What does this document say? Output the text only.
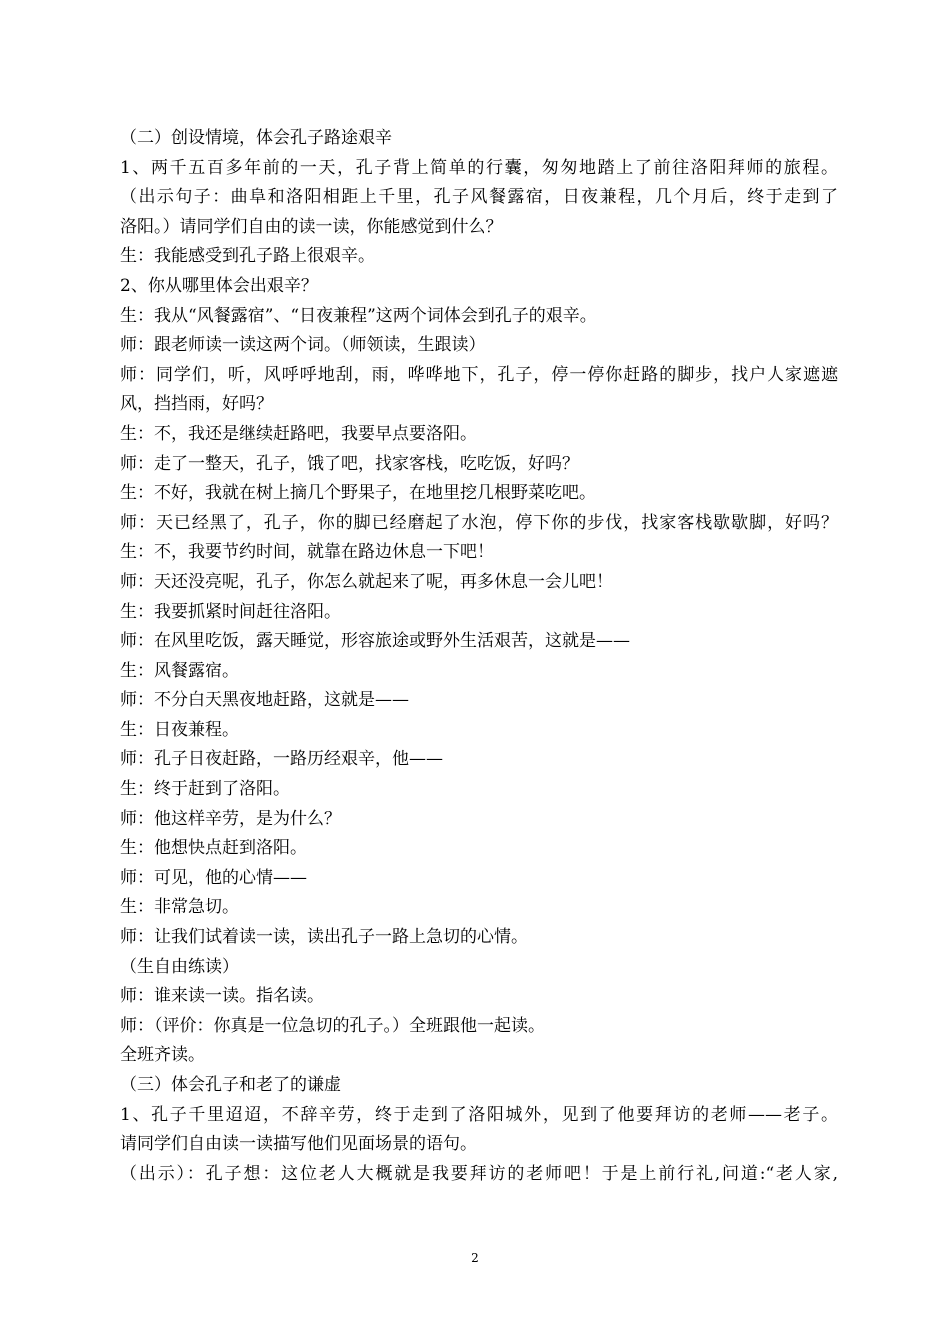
（二）创设情境，体会孔子路途艰辛
1、两千五百多年前的一天，孔子背上简单的行囊，匆匆地踏上了前往洛阳拜师的旅程。
（出示句子：曲阜和洛阳相距上千里，孔子风餐露宿，日夜兼程，几个月后，终于走到了
洛阳。）请同学们自由的读一读，你能感觉到什么？
生：我能感受到孔子路上很艰辛。
2、你从哪里体会出艰辛？
生：我从“风餐露宿”、“日夜兼程”这两个词体会到孔子的艰辛。
师：跟老师读一读这两个词。（师领读，生跟读）
师：同学们，听，风呼呼地刮，雨，哗哗地下，孔子，停一停你赶路的脚步，找户人家遮遮
风，挡挡雨，好吗？
生：不，我还是继续赶路吧，我要早点要洛阳。
师：走了一整天，孔子，饿了吧，找家客栈，吃吃饭，好吗？
生：不好，我就在树上摘几个野果子，在地里挖几根野菜吃吧。
师：天已经黑了，孔子，你的脚已经磨起了水泡，停下你的步伐，找家客栈歇歇脚，好吗？
生：不，我要节约时间，就靠在路边休息一下吧！
师：天还没亮呢，孔子，你怎么就起来了呢，再多休息一会儿吧！
生：我要抓紧时间赶往洛阳。
师：在风里吃饭，露天睡觉，形容旅途或野外生活艰苦，这就是——
生：风餐露宿。
师：不分白天黑夜地赶路，这就是——
生：日夜兼程。
师：孔子日夜赶路，一路历经艰辛，他——
生：终于赶到了洛阳。
师：他这样辛劳，是为什么？
生：他想快点赶到洛阳。
师：可见，他的心情——
生：非常急切。
师：让我们试着读一读，读出孔子一路上急切的心情。
（生自由练读）
师：谁来读一读。指名读。
师：（评价：你真是一位急切的孔子。）全班跟他一起读。
全班齐读。
（三）体会孔子和老了的谦虚
1、孔子千里迢迢，不辞辛劳，终于走到了洛阳城外，见到了他要拜访的老师——老子。
请同学们自由读一读描写他们见面场景的语句。
（出示）：孔子想：这位老人大概就是我要拜访的老师吧！于是上前行礼,问道:“老人家,
2
